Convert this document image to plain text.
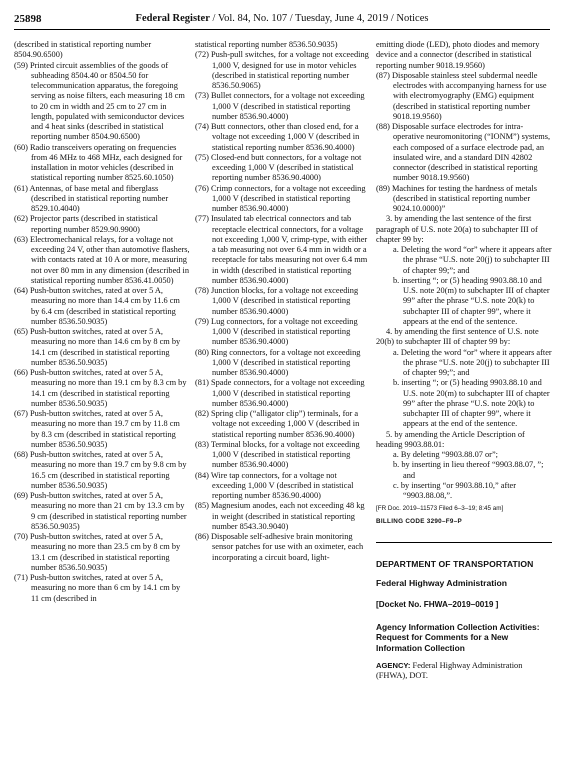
25898	Federal Register / Vol. 84, No. 107 / Tuesday, June 4, 2019 / Notices
(described in statistical reporting number 8504.90.6500)
(59) Printed circuit assemblies of the goods of subheading 8504.40 or 8504.50 for telecommunication apparatus, the foregoing serving as noise filters, each measuring 18 cm to 20 cm in width and 25 cm to 27 cm in length, populated with semiconductor devices and 4 heat sinks (described in statistical reporting number 8504.90.6500)
(60) Radio transceivers operating on frequencies from 46 MHz to 468 MHz, each designed for installation in motor vehicles (described in statistical reporting number 8525.60.1050)
(61) Antennas, of base metal and fiberglass (described in statistical reporting number 8529.10.4040)
(62) Projector parts (described in statistical reporting number 8529.90.9900)
(63) Electromechanical relays, for a voltage not exceeding 24 V, other than automotive flashers, with contacts rated at 10 A or more, measuring not over 80 mm in any dimension (described in statistical reporting number 8536.41.0050)
(64) Push-button switches, rated at over 5 A, measuring no more than 14.4 cm by 11.6 cm by 6.4 cm (described in statistical reporting number 8536.50.9035)
(65) Push-button switches, rated at over 5 A, measuring no more than 14.6 cm by 8 cm by 14.1 cm (described in statistical reporting number 8536.50.9035)
(66) Push-button switches, rated at over 5 A, measuring no more than 19.1 cm by 8.3 cm by 14.1 cm (described in statistical reporting number 8536.50.9035)
(67) Push-button switches, rated at over 5 A, measuring no more than 19.7 cm by 11.8 cm by 8.3 cm (described in statistical reporting number 8536.50.9035)
(68) Push-button switches, rated at over 5 A, measuring no more than 19.7 cm by 9.8 cm by 16.5 cm (described in statistical reporting number 8536.50.9035)
(69) Push-button switches, rated at over 5 A, measuring no more than 21 cm by 13.3 cm by 9 cm (described in statistical reporting number 8536.50.9035)
(70) Push-button switches, rated at over 5 A, measuring no more than 23.5 cm by 8 cm by 13.1 cm (described in statistical reporting number 8536.50.9035)
(71) Push-button switches, rated at over 5 A, measuring no more than 6 cm by 14.1 cm by 11 cm (described in
statistical reporting number 8536.50.9035)
(72) Push-pull switches, for a voltage not exceeding 1,000 V, designed for use in motor vehicles (described in statistical reporting number 8536.50.9065)
(73) Bullet connectors, for a voltage not exceeding 1,000 V (described in statistical reporting number 8536.90.4000)
(74) Butt connectors, other than closed end, for a voltage not exceeding 1,000 V (described in statistical reporting number 8536.90.4000)
(75) Closed-end butt connectors, for a voltage not exceeding 1,000 V (described in statistical reporting number 8536.90.4000)
(76) Crimp connectors, for a voltage not exceeding 1,000 V (described in statistical reporting number 8536.90.4000)
(77) Insulated tab electrical connectors and tab receptacle electrical connectors, for a voltage not exceeding 1,000 V, crimp-type, with either a tab measuring not over 6.4 mm in width or a receptacle for tabs measuring not over 6.4 mm in width (described in statistical reporting number 8536.90.4000)
(78) Junction blocks, for a voltage not exceeding 1,000 V (described in statistical reporting number 8536.90.4000)
(79) Lug connectors, for a voltage not exceeding 1,000 V (described in statistical reporting number 8536.90.4000)
(80) Ring connectors, for a voltage not exceeding 1,000 V (described in statistical reporting number 8536.90.4000)
(81) Spade connectors, for a voltage not exceeding 1,000 V (described in statistical reporting number 8536.90.4000)
(82) Spring clip (“alligator clip”) terminals, for a voltage not exceeding 1,000 V (described in statistical reporting number 8536.90.4000)
(83) Terminal blocks, for a voltage not exceeding 1,000 V (described in statistical reporting number 8536.90.4000)
(84) Wire tap connectors, for a voltage not exceeding 1,000 V (described in statistical reporting number 8536.90.4000)
(85) Magnesium anodes, each not exceeding 48 kg in weight (described in statistical reporting number 8543.30.9040)
(86) Disposable self-adhesive brain monitoring sensor patches for use with an oximeter, each incorporating a circuit board, light-
emitting diode (LED), photo diodes and memory device and a connector (described in statistical reporting number 9018.19.9560)
(87) Disposable stainless steel subdermal needle electrodes with accompanying harness for use with electromyography (EMG) equipment (described in statistical reporting number 9018.19.9560)
(88) Disposable surface electrodes for intra-operative neuromonitoring (“IONM”) systems, each composed of a surface electrode pad, an insulated wire, and a standard DIN 42802 connector (described in statistical reporting number 9018.19.9560)
(89) Machines for testing the hardness of metals (described in statistical reporting number 9024.10.0000)”
3. by amending the last sentence of the first paragraph of U.S. note 20(a) to subchapter III of chapter 99 by:
a. Deleting the word “or” where it appears after the phrase “U.S. note 20(j) to subchapter III of chapter 99;”; and
b. inserting “; or (5) heading 9903.88.10 and U.S. note 20(m) to subchapter III of chapter 99” after the phrase “U.S. note 20(k) to subchapter III of chapter 99”, where it appears at the end of the sentence.
4. by amending the first sentence of U.S. note 20(b) to subchapter III of chapter 99 by:
a. Deleting the word “or” where it appears after the phrase “U.S. note 20(j) to subchapter III of chapter 99;”; and
b. inserting “; or (5) heading 9903.88.10 and U.S. note 20(m) to subchapter III of chapter 99” after the phrase “U.S. note 20(k) to subchapter III of chapter 99”, where it appears at the end of the sentence.
5. by amending the Article Description of heading 9903.88.01:
a. By deleting “9903.88.07 or”;
b. by inserting in lieu thereof “9903.88.07, ”; and
c. by inserting “or 9903.88.10,” after “9903.88.08,”.
[FR Doc. 2019–11573 Filed 6–3–19; 8:45 am]
BILLING CODE 3290–F9–P
DEPARTMENT OF TRANSPORTATION
Federal Highway Administration
[Docket No. FHWA–2019–0019 ]
Agency Information Collection Activities: Request for Comments for a New Information Collection
AGENCY: Federal Highway Administration (FHWA), DOT.
